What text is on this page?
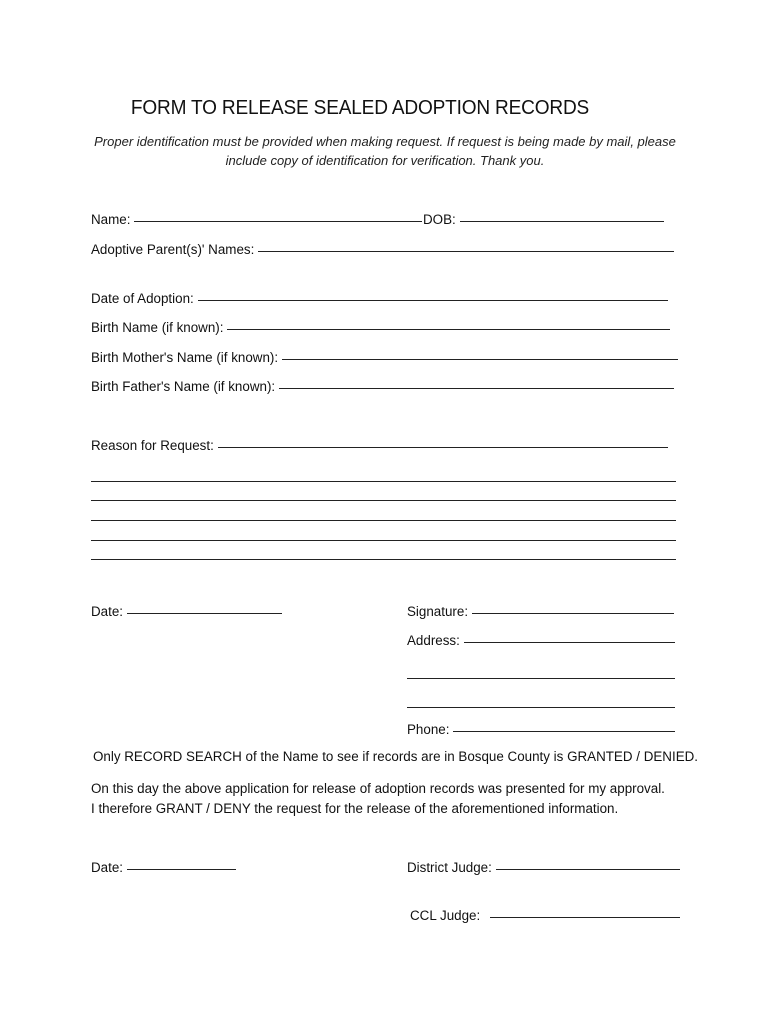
FORM TO RELEASE SEALED ADOPTION RECORDS
Proper identification must be provided when making request. If request is being made by mail, please
include copy of identification for verification. Thank you.
Name:	DOB:
Adoptive Parent(s)' Names:
Date of Adoption:
Birth Name (if known):
Birth Mother's Name (if known):
Birth Father's Name (if known):
Reason for Request:
Date:	Signature:
Address:
Phone:
Only RECORD SEARCH of the Name to see if records are in Bosque County is GRANTED / DENIED.
On this day the above application for release of adoption records was presented for my approval.
I therefore GRANT / DENY the request for the release of the aforementioned information.
Date:	District Judge:
CCL Judge:
